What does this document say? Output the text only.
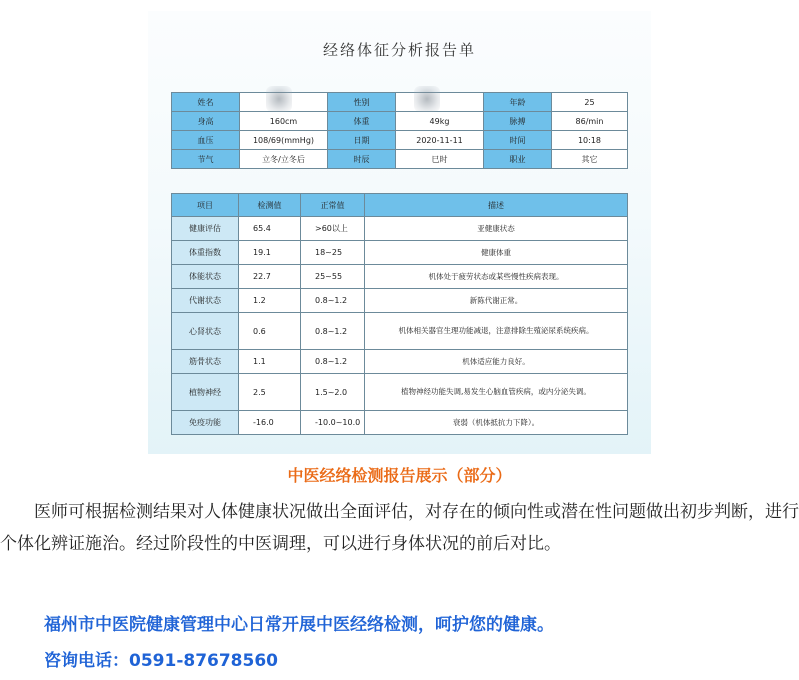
经络体征分析报告单
姓名		性别		年龄	25
身高	160cm	体重	49kg	脉搏	86/min
血压	108/69(mmHg)	日期	2020-11-11	时间	10:18
节气	立冬/立冬后	时辰	巳时	职业	其它
项目	检测值	正常值	描述
健康评估	65.4	>60以上	亚健康状态
体重指数	19.1	18~25	健康体重
体能状态	22.7	25~55	机体处于疲劳状态或某些慢性疾病表现。
代谢状态	1.2	0.8~1.2	新陈代谢正常。
心肾状态	0.6	0.8~1.2	机体相关器官生理功能减退，注意排除生殖泌尿系统疾病。
筋骨状态	1.1	0.8~1.2	机体适应能力良好。
植物神经	2.5	1.5~2.0	植物神经功能失调,易发生心脑血管疾病，或内分泌失调。
免疫功能	-16.0	-10.0~10.0	衰弱（机体抵抗力下降）。
中医经络检测报告展示（部分）

医师可根据检测结果对人体健康状况做出全面评估，对存在的倾向性或潜在性问题做出初步判断，进行个体化辨证施治。经过阶段性的中医调理，可以进行身体状况的前后对比。

福州市中医院健康管理中心日常开展中医经络检测，呵护您的健康。
咨询电话：0591-87678560
